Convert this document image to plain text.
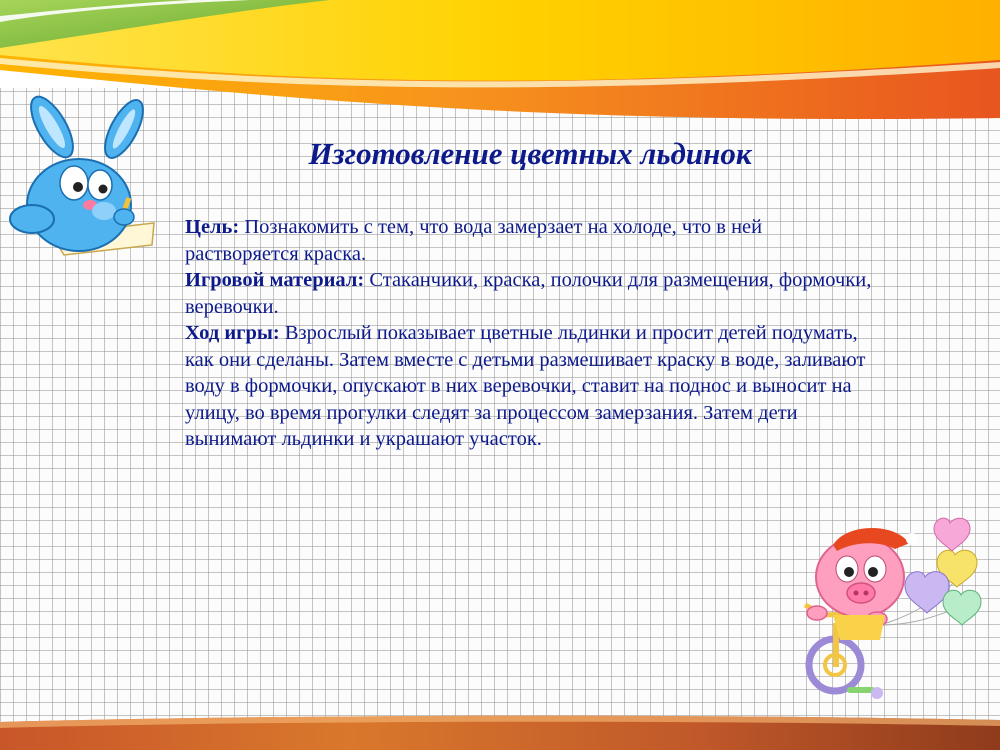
Изготовление цветных льдинок

Цель: Познакомить с тем, что вода замерзает на холоде, что в ней растворяется краска.

Игровой материал: Стаканчики, краска, полочки для размещения, формочки, веревочки.

Ход игры: Взрослый показывает цветные льдинки и просит детей подумать, как они сделаны. Затем вместе с детьми размешивает краску в воде, заливают воду в формочки, опускают в них веревочки, ставит на поднос и выносит на улицу, во время прогулки следят за процессом замерзания. Затем дети вынимают льдинки и украшают участок.
